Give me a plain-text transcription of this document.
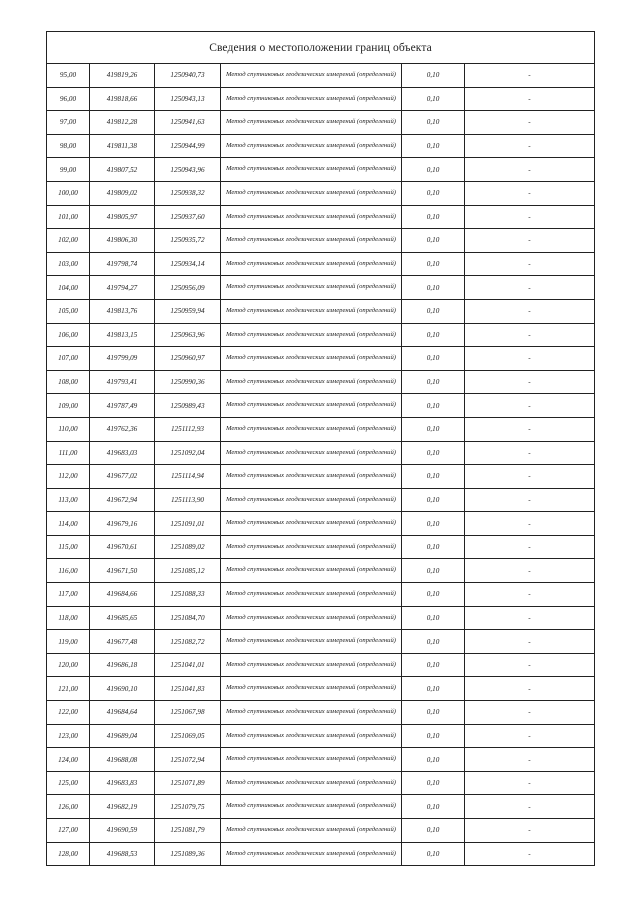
Сведения о местоположении границ объекта					
95,00	419819,26	1250940,73	Метод спутниковых геодезических измерений (определений)	0,10	-
96,00	419818,66	1250943,13	Метод спутниковых геодезических измерений (определений)	0,10	-
97,00	419812,28	1250941,63	Метод спутниковых геодезических измерений (определений)	0,10	-
98,00	419811,38	1250944,99	Метод спутниковых геодезических измерений (определений)	0,10	-
99,00	419807,52	1250943,96	Метод спутниковых геодезических измерений (определений)	0,10	-
100,00	419809,02	1250938,32	Метод спутниковых геодезических измерений (определений)	0,10	-
101,00	419805,97	1250937,60	Метод спутниковых геодезических измерений (определений)	0,10	-
102,00	419806,30	1250935,72	Метод спутниковых геодезических измерений (определений)	0,10	-
103,00	419798,74	1250934,14	Метод спутниковых геодезических измерений (определений)	0,10	-
104,00	419794,27	1250956,09	Метод спутниковых геодезических измерений (определений)	0,10	-
105,00	419813,76	1250959,94	Метод спутниковых геодезических измерений (определений)	0,10	-
106,00	419813,15	1250963,96	Метод спутниковых геодезических измерений (определений)	0,10	-
107,00	419799,09	1250960,97	Метод спутниковых геодезических измерений (определений)	0,10	-
108,00	419793,41	1250990,36	Метод спутниковых геодезических измерений (определений)	0,10	-
109,00	419787,49	1250989,43	Метод спутниковых геодезических измерений (определений)	0,10	-
110,00	419762,36	1251112,93	Метод спутниковых геодезических измерений (определений)	0,10	-
111,00	419683,03	1251092,04	Метод спутниковых геодезических измерений (определений)	0,10	-
112,00	419677,02	1251114,94	Метод спутниковых геодезических измерений (определений)	0,10	-
113,00	419672,94	1251113,90	Метод спутниковых геодезических измерений (определений)	0,10	-
114,00	419679,16	1251091,01	Метод спутниковых геодезических измерений (определений)	0,10	-
115,00	419670,61	1251089,02	Метод спутниковых геодезических измерений (определений)	0,10	-
116,00	419671,50	1251085,12	Метод спутниковых геодезических измерений (определений)	0,10	-
117,00	419684,66	1251088,33	Метод спутниковых геодезических измерений (определений)	0,10	-
118,00	419685,65	1251084,70	Метод спутниковых геодезических измерений (определений)	0,10	-
119,00	419677,48	1251082,72	Метод спутниковых геодезических измерений (определений)	0,10	-
120,00	419686,18	1251041,01	Метод спутниковых геодезических измерений (определений)	0,10	-
121,00	419690,10	1251041,83	Метод спутниковых геодезических измерений (определений)	0,10	-
122,00	419684,64	1251067,98	Метод спутниковых геодезических измерений (определений)	0,10	-
123,00	419689,04	1251069,05	Метод спутниковых геодезических измерений (определений)	0,10	-
124,00	419688,08	1251072,94	Метод спутниковых геодезических измерений (определений)	0,10	-
125,00	419683,83	1251071,89	Метод спутниковых геодезических измерений (определений)	0,10	-
126,00	419682,19	1251079,75	Метод спутниковых геодезических измерений (определений)	0,10	-
127,00	419690,59	1251081,79	Метод спутниковых геодезических измерений (определений)	0,10	-
128,00	419688,53	1251089,36	Метод спутниковых геодезических измерений (определений)	0,10	-
